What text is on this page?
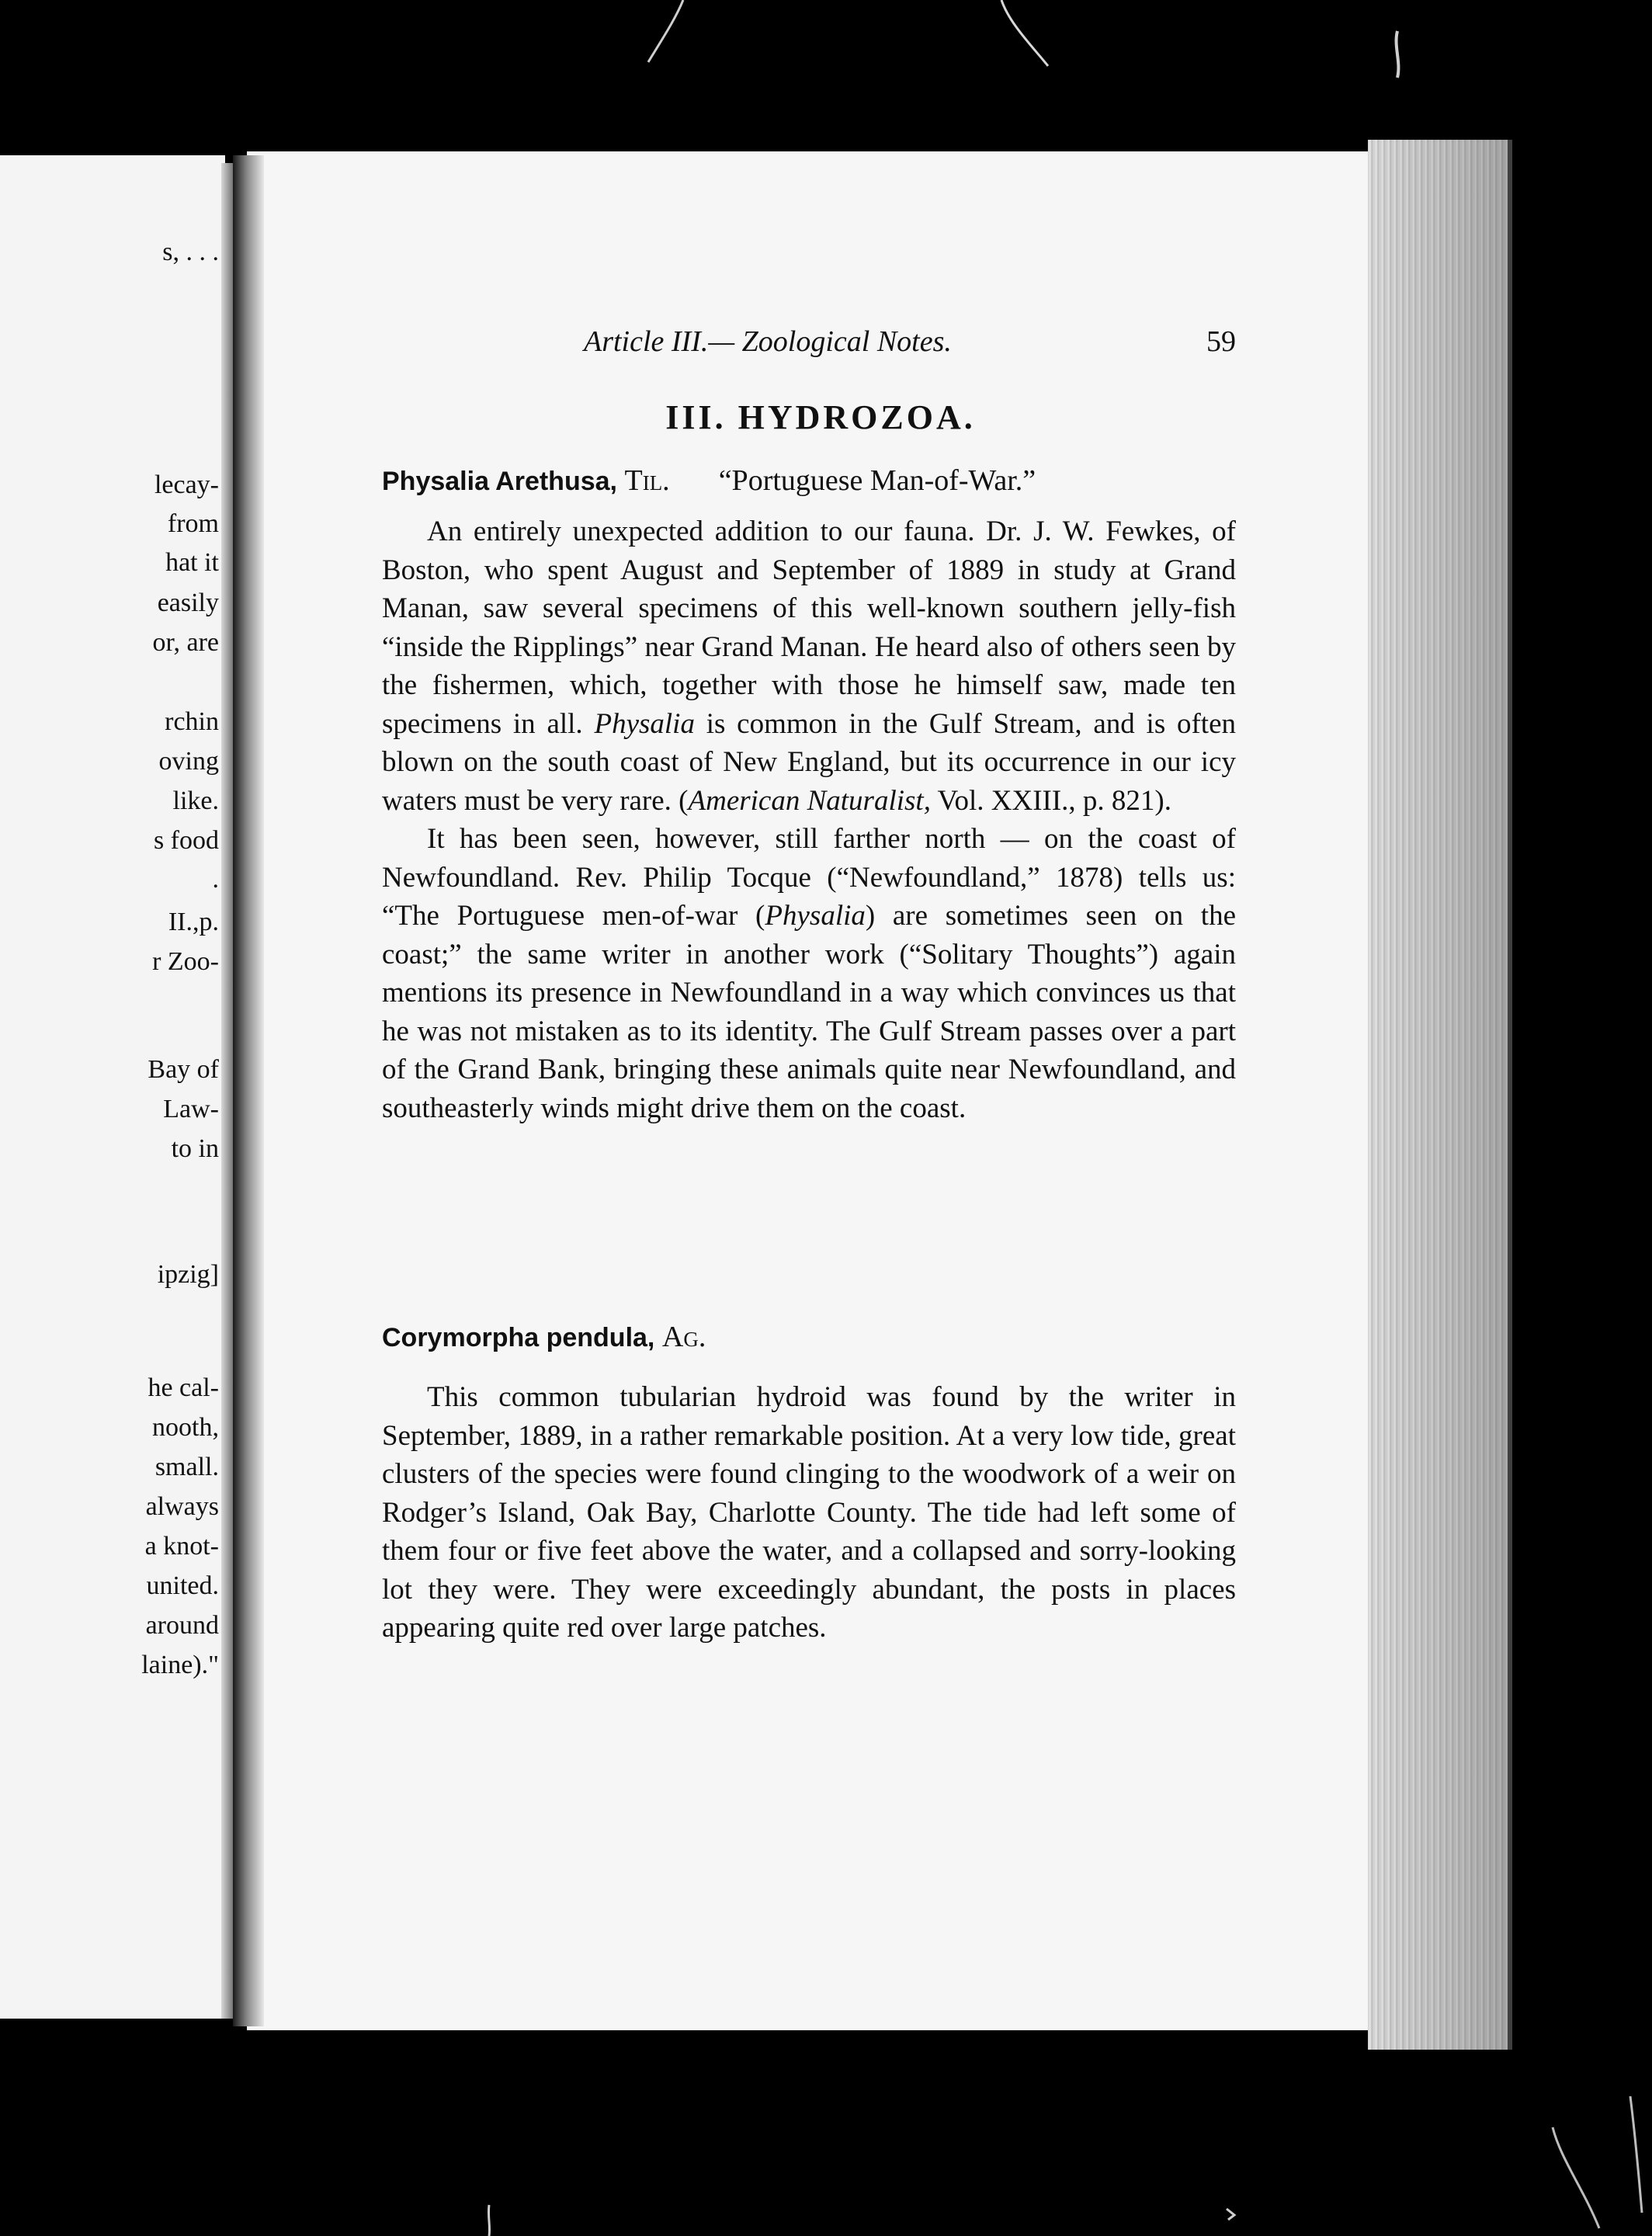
s, . . .
lecay-
from
hat it
easily
or, are
rchin
oving
like.
s food
.
II.,p.
r Zoo-
Bay of
Law-
to in
ipzig]
he cal-
nooth,
small.
always
a knot-
united.
around
laine)."
Article III.— Zoological Notes.	59
III. HYDROZOA.
Physalia Arethusa, Til. “Portuguese Man-of-War.”

An entirely unexpected addition to our fauna. Dr. J. W. Fewkes, of Boston, who spent August and September of 1889 in study at Grand Manan, saw several specimens of this well-known southern jelly-fish “inside the Ripplings” near Grand Manan. He heard also of others seen by the fishermen, which, together with those he himself saw, made ten specimens in all. Physalia is common in the Gulf Stream, and is often blown on the south coast of New England, but its occurrence in our icy waters must be very rare. (American Naturalist, Vol. XXIII., p. 821).

It has been seen, however, still farther north — on the coast of Newfoundland. Rev. Philip Tocque (“Newfoundland,” 1878) tells us: “The Portuguese men-of-war (Physalia) are sometimes seen on the coast;” the same writer in another work (“Solitary Thoughts”) again mentions its presence in Newfoundland in a way which convinces us that he was not mistaken as to its identity. The Gulf Stream passes over a part of the Grand Bank, bringing these animals quite near Newfoundland, and southeasterly winds might drive them on the coast.

Corymorpha pendula, Ag.

This common tubularian hydroid was found by the writer in September, 1889, in a rather remarkable position. At a very low tide, great clusters of the species were found clinging to the woodwork of a weir on Rodger’s Island, Oak Bay, Charlotte County. The tide had left some of them four or five feet above the water, and a collapsed and sorry-looking lot they were. They were exceedingly abundant, the posts in places appearing quite red over large patches.
